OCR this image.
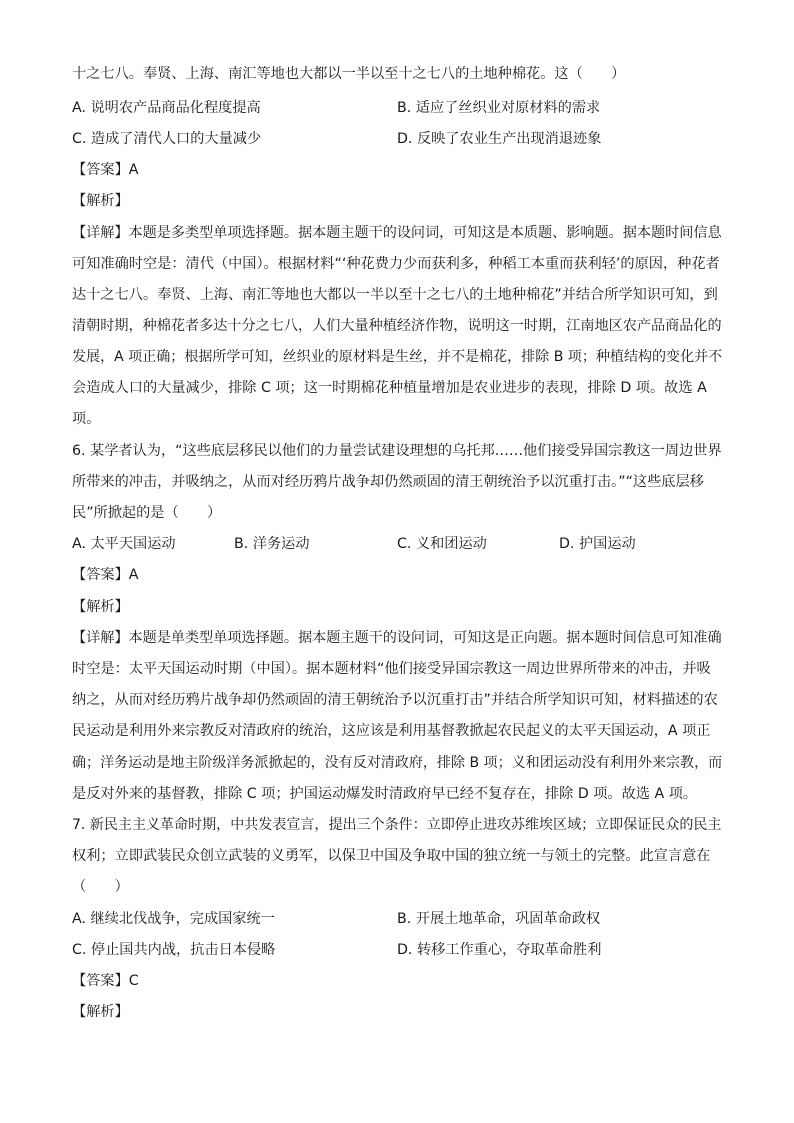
十之七八。奉贤、上海、南汇等地也大都以一半以至十之七八的土地种棉花。这（　　）
A. 说明农产品商品化程度提高	B. 适应了丝织业对原材料的需求
C. 造成了清代人口的大量减少	D. 反映了农业生产出现消退迹象
【答案】A
【解析】
【详解】本题是多类型单项选择题。据本题主题干的设问词，可知这是本质题、影响题。据本题时间信息
可知准确时空是：清代（中国）。根据材料“‘种花费力少而获利多，种稻工本重而获利轻’的原因，种花者
达十之七八。奉贤、上海、南汇等地也大都以一半以至十之七八的土地种棉花”并结合所学知识可知，到
清朝时期，种棉花者多达十分之七八，人们大量种植经济作物，说明这一时期，江南地区农产品商品化的
发展，A 项正确；根据所学可知，丝织业的原材料是生丝，并不是棉花，排除 B 项；种植结构的变化并不
会造成人口的大量减少，排除 C 项；这一时期棉花种植量增加是农业进步的表现，排除 D 项。故选 A
项。
6. 某学者认为，“这些底层移民以他们的力量尝试建设理想的乌托邦……他们接受异国宗教这一周边世界
所带来的冲击，并吸纳之，从而对经历鸦片战争却仍然顽固的清王朝统治予以沉重打击。”“这些底层移
民”所掀起的是（　　）
A. 太平天国运动	B. 洋务运动	C. 义和团运动	D. 护国运动
【答案】A
【解析】
【详解】本题是单类型单项选择题。据本题主题干的设问词，可知这是正向题。据本题时间信息可知准确
时空是：太平天国运动时期（中国）。据本题材料“他们接受异国宗教这一周边世界所带来的冲击，并吸
纳之，从而对经历鸦片战争却仍然顽固的清王朝统治予以沉重打击”并结合所学知识可知，材料描述的农
民运动是利用外来宗教反对清政府的统治，这应该是利用基督教掀起农民起义的太平天国运动，A 项正
确；洋务运动是地主阶级洋务派掀起的，没有反对清政府，排除 B 项；义和团运动没有利用外来宗教，而
是反对外来的基督教，排除 C 项；护国运动爆发时清政府早已经不复存在，排除 D 项。故选 A 项。
7. 新民主主义革命时期，中共发表宣言，提出三个条件：立即停止进攻苏维埃区域；立即保证民众的民主
权利；立即武装民众创立武装的义勇军，以保卫中国及争取中国的独立统一与领土的完整。此宣言意在
（　　）
A. 继续北伐战争，完成国家统一	B. 开展土地革命，巩固革命政权
C. 停止国共内战，抗击日本侵略	D. 转移工作重心，夺取革命胜利
【答案】C
【解析】
